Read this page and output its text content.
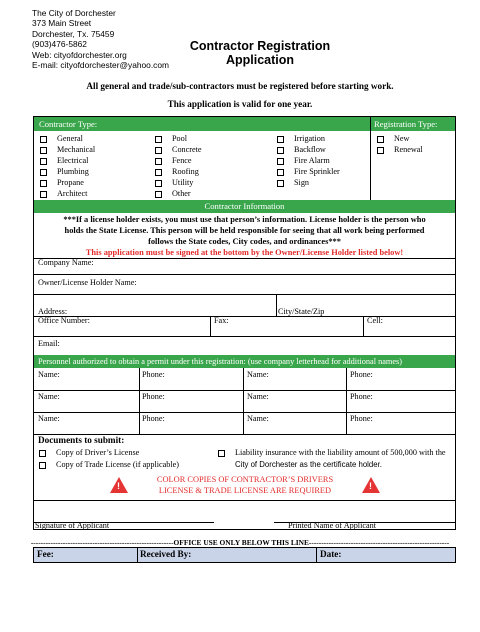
The City of Dorchester
373 Main Street
Dorchester, Tx. 75459
(903)476-5862
Web: cityofdorchester.org
E-mail: cityofdorchester@yahoo.com
Contractor Registration
Application
All general and trade/sub-contractors must be registered before starting work.
This application is valid for one year.
Contractor Type:	Registration Type:
General
Mechanical
Electrical
Plumbing
Propane
Architect
Pool
Concrete
Fence
Roofing
Utility
Other
Irrigation
Backflow
Fire Alarm
Fire Sprinkler
Sign
New
Renewal
Contractor Information
***If a license holder exists, you must use that person’s information. License holder is the person who
holds the State License. This person will be held responsible for seeing that all work being performed
follows the State codes, City codes, and ordinances***
This application must be signed at the bottom by the Owner/License Holder listed below!
Company Name:
Owner/License Holder Name:
Address:	City/State/Zip
Office Number:	Fax:	Cell:
Email:
Personnel authorized to obtain a permit under this registration: (use company letterhead for additional names)
Name:	Phone:	Name:	Phone:
Name:	Phone:	Name:	Phone:
Name:	Phone:	Name:	Phone:
Documents to submit:
Copy of Driver’s License
Copy of Trade License (if applicable)
Liability insurance with the liability amount of 500,000 with the
City of Dorchester as the certificate holder.
!	!
COLOR COPIES OF CONTRACTOR’S DRIVERS
LICENSE & TRADE LICENSE ARE REQUIRED
Signature of Applicant	Printed Name of Applicant
----------------------------------------------------------OFFICE USE ONLY BELOW THIS LINE---------------------------------------------------------
Fee:	Received By:	Date:
